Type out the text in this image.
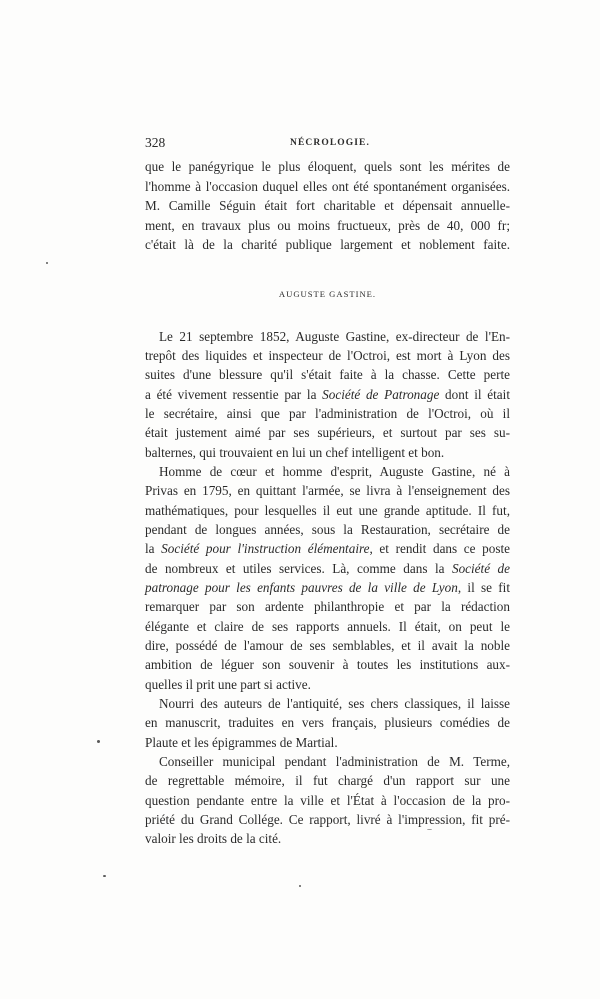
328	NÉCROLOGIE.
que le panégyrique le plus éloquent, quels sont les mérites de
l'homme à l'occasion duquel elles ont été spontanément organisées.
M. Camille Séguin était fort charitable et dépensait annuelle-
ment, en travaux plus ou moins fructueux, près de 40, 000 fr;
c'était là de la charité publique largement et noblement faite.
AUGUSTE GASTINE.
Le 21 septembre 1852, Auguste Gastine, ex-directeur de l'En-
trepôt des liquides et inspecteur de l'Octroi, est mort à Lyon des
suites d'une blessure qu'il s'était faite à la chasse. Cette perte
a été vivement ressentie par la Société de Patronage dont il était
le secrétaire, ainsi que par l'administration de l'Octroi, où il
était justement aimé par ses supérieurs, et surtout par ses su-
balternes, qui trouvaient en lui un chef intelligent et bon.
Homme de cœur et homme d'esprit, Auguste Gastine, né à
Privas en 1795, en quittant l'armée, se livra à l'enseignement des
mathématiques, pour lesquelles il eut une grande aptitude. Il fut,
pendant de longues années, sous la Restauration, secrétaire de
la Société pour l'instruction élémentaire, et rendit dans ce poste
de nombreux et utiles services. Là, comme dans la Société de
patronage pour les enfants pauvres de la ville de Lyon, il se fit
remarquer par son ardente philanthropie et par la rédaction
élégante et claire de ses rapports annuels. Il était, on peut le
dire, possédé de l'amour de ses semblables, et il avait la noble
ambition de léguer son souvenir à toutes les institutions aux-
quelles il prit une part si active.
Nourri des auteurs de l'antiquité, ses chers classiques, il laisse
en manuscrit, traduites en vers français, plusieurs comédies de
Plaute et les épigrammes de Martial.
Conseiller municipal pendant l'administration de M. Terme,
de regrettable mémoire, il fut chargé d'un rapport sur une
question pendante entre la ville et l'État à l'occasion de la pro-
priété du Grand Collége. Ce rapport, livré à l'impression, fit pré-
valoir les droits de la cité.
